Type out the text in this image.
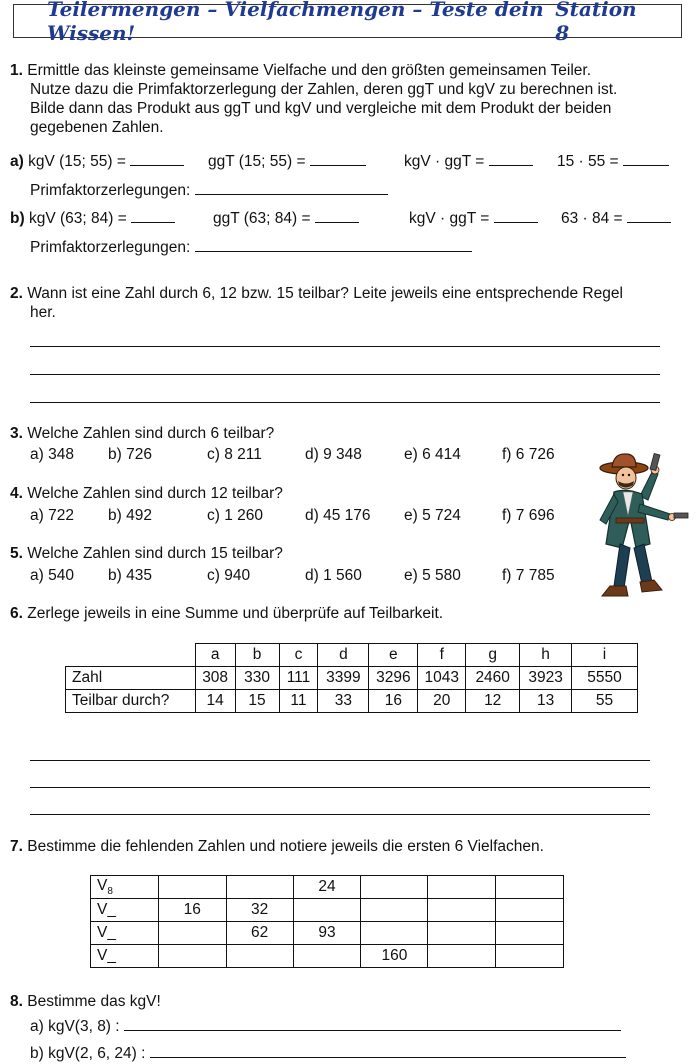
Teilermengen – Vielfachmengen – Teste dein Wissen!
Station 8
1. Ermittle das kleinste gemeinsame Vielfache und den größten gemeinsamen Teiler.
Nutze dazu die Primfaktorzerlegung der Zahlen, deren ggT und kgV zu berechnen ist.
Bilde dann das Produkt aus ggT und kgV und vergleiche mit dem Produkt der beiden
gegebenen Zahlen.
a) kgV (15; 55) =	ggT (15; 55) =	kgV · ggT =	15 · 55 =
Primfaktorzerlegungen:
b) kgV (63; 84) =	ggT (63; 84) =	kgV · ggT =	63 · 84 =
Primfaktorzerlegungen:
2. Wann ist eine Zahl durch 6, 12 bzw. 15 teilbar? Leite jeweils eine entsprechende Regel
her.
3. Welche Zahlen sind durch 6 teilbar?
a) 348	b) 726	c) 8 211	d) 9 348	e) 6 414	f) 6 726
4. Welche Zahlen sind durch 12 teilbar?
a) 722	b) 492	c) 1 260	d) 45 176	e) 5 724	f) 7 696
5. Welche Zahlen sind durch 15 teilbar?
a) 540	b) 435	c) 940	d) 1 560	e) 5 580	f) 7 785
6. Zerlege jeweils in eine Summe und überprüfe auf Teilbarkeit.
	a	b	c	d	e	f	g	h	i
Zahl	308	330	111	3399	3296	1043	2460	3923	5550
Teilbar durch?	14	15	11	33	16	20	12	13	55
7. Bestimme die fehlenden Zahlen und notiere jeweils die ersten 6 Vielfachen.
$V_8$			24			
V_	16	32				
V_		62	93			
V_				160		
8. Bestimme das kgV!
a) kgV(3, 8) :
b) kgV(2, 6, 24) :
